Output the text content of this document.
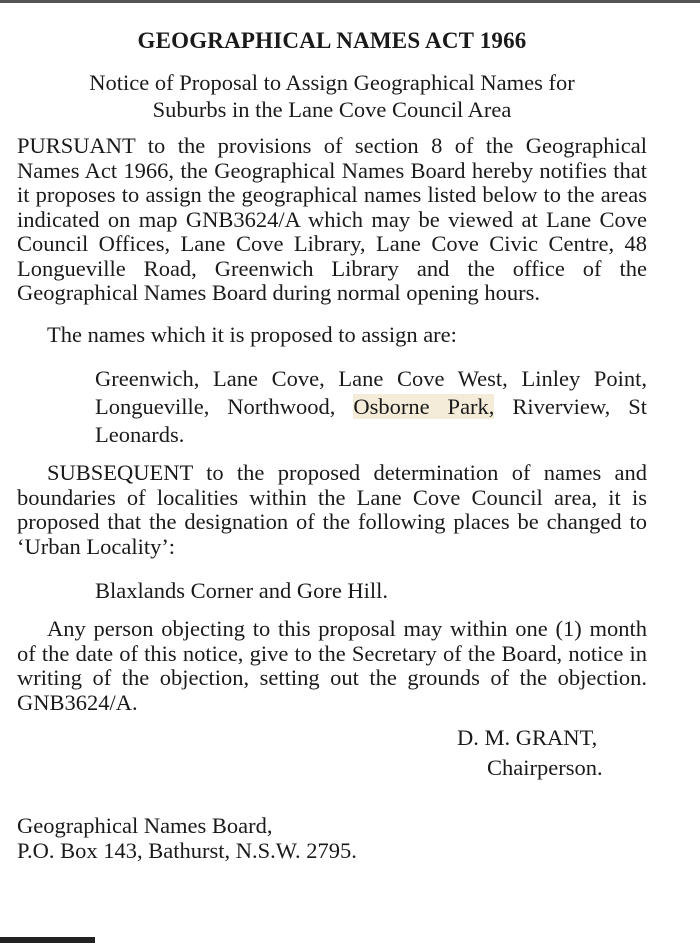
GEOGRAPHICAL NAMES ACT 1966
Notice of Proposal to Assign Geographical Names for
Suburbs in the Lane Cove Council Area

PURSUANT to the provisions of section 8 of the Geographical Names Act 1966, the Geographical Names Board hereby notifies that it proposes to assign the geographical names listed below to the areas indicated on map GNB3624/A which may be viewed at Lane Cove Council Offices, Lane Cove Library, Lane Cove Civic Centre, 48 Longueville Road, Greenwich Library and the office of the Geographical Names Board during normal opening hours.

The names which it is proposed to assign are:

Greenwich, Lane Cove, Lane Cove West, Linley Point, Longueville, Northwood, Osborne Park, Riverview, St Leonards.

SUBSEQUENT to the proposed determination of names and boundaries of localities within the Lane Cove Council area, it is proposed that the designation of the following places be changed to ‘Urban Locality’:

Blaxlands Corner and Gore Hill.

Any person objecting to this proposal may within one (1) month of the date of this notice, give to the Secretary of the Board, notice in writing of the objection, setting out the grounds of the objection. GNB3624/A.

D. M. GRANT,
Chairperson.
Geographical Names Board,
P.O. Box 143, Bathurst, N.S.W. 2795.
